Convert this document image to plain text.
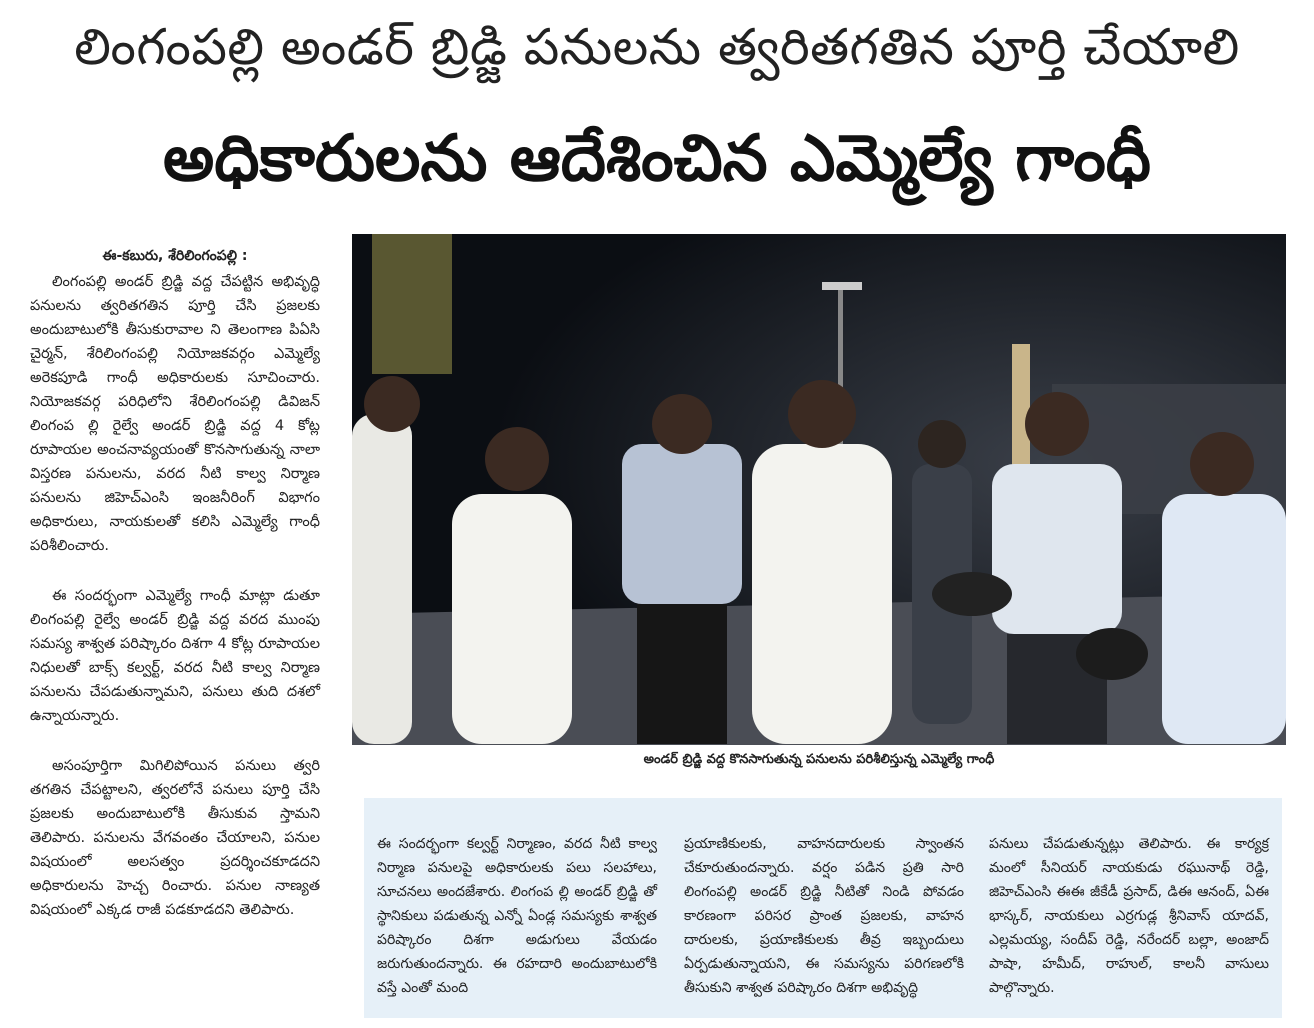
లింగంపల్లి అండర్ బ్రిడ్జి పనులను త్వరితగతిన పూర్తి చేయాలి
అధికారులను ఆదేశించిన ఎమ్మెల్యే గాంధీ
ఈ-కబురు, శేరిలింగంపల్లి :

లింగంపల్లి అండర్ బ్రిడ్జి వద్ద చేపట్టిన అభివృద్ధి పనులను త్వరితగతిన పూర్తి చేసి ప్రజలకు అందుబాటులోకి తీసుకురావాల ని తెలంగాణ పిఏసి చైర్మన్, శేరిలింగంపల్లి నియోజకవర్గం ఎమ్మెల్యే అరెకపూడి గాంధీ అధికారులకు సూచించారు. నియోజకవర్గ పరిధిలోని శేరిలింగంపల్లి డివిజన్ లింగంప ల్లి రైల్వే అండర్ బ్రిడ్జి వద్ద 4 కోట్ల రూపాయల అంచనావ్యయంతో కొనసాగుతున్న నాలా విస్తరణ పనులను, వరద నీటి కాల్వ నిర్మాణ పనులను జిహెచ్ఎంసి ఇంజనీరింగ్ విభాగం అధికారులు, నాయకులతో కలిసి ఎమ్మెల్యే గాంధీ పరిశీలించారు.

ఈ సందర్భంగా ఎమ్మెల్యే గాంధీ మాట్లా డుతూ లింగంపల్లి రైల్వే అండర్ బ్రిడ్జి వద్ద వరద ముంపు సమస్య శాశ్వత పరిష్కారం దిశగా 4 కోట్ల రూపాయల నిధులతో బాక్స్ కల్వర్ట్, వరద నీటి కాల్వ నిర్మాణ పనులను చేపడుతున్నామని, పనులు తుది దశలో ఉన్నాయన్నారు.

అసంపూర్తిగా మిగిలిపోయిన పనులు త్వరి తగతిన చేపట్టాలని, త్వరలోనే పనులు పూర్తి చేసి ప్రజలకు అందుబాటులోకి తీసుకువ స్తామని తెలిపారు. పనులను వేగవంతం చేయాలని, పనుల విషయంలో అలసత్వం ప్రదర్శించకూడదని అధికారులను హెచ్చ రించారు. పనుల నాణ్యత విషయంలో ఎక్కడ రాజీ పడకూడదని తెలిపారు.

అండర్ బ్రిడ్జి వద్ద కొనసాగుతున్న పనులను పరిశీలిస్తున్న ఎమ్మెల్యే గాంధీ
ఈ సందర్భంగా కల్వర్ట్ నిర్మాణం, వరద నీటి కాల్వ నిర్మాణ పనులపై అధికారులకు పలు సలహాలు, సూచనలు అందజేశారు. లింగంప ల్లి అండర్ బ్రిడ్జి తో స్థానికులు పడుతున్న ఎన్నో ఏండ్ల సమస్యకు శాశ్వత పరిష్కారం దిశగా అడుగులు వేయడం జరుగుతుందన్నారు. ఈ రహదారి అందుబాటులోకి వస్తే ఎంతో మంది
ప్రయాణికులకు, వాహనదారులకు స్వాంతన చేకూరుతుందన్నారు. వర్షం పడిన ప్రతి సారి లింగంపల్లి అండర్ బ్రిడ్జి నీటితో నిండి పోవడం కారణంగా పరిసర ప్రాంత ప్రజలకు, వాహన దారులకు, ప్రయాణికులకు తీవ్ర ఇబ్బందులు ఏర్పడుతున్నాయని, ఈ సమస్యను పరిగణలోకి తీసుకుని శాశ్వత పరిష్కారం దిశగా అభివృద్ధి
పనులు చేపడుతున్నట్లు తెలిపారు. ఈ కార్యక్ర మంలో సీనియర్ నాయకుడు రఘునాథ్ రెడ్డి, జిహెచ్ఎంసి ఈఈ జీకేడీ ప్రసాద్, డిఈ ఆనంద్, ఏఈ భాస్కర్, నాయకులు ఎర్రగుడ్ల శ్రీనివాస్ యాదవ్, ఎల్లమయ్య, సందీప్ రెడ్డి, నరేందర్ బల్లా, అంజాద్ పాషా, హమీద్, రాహుల్, కాలనీ వాసులు పాల్గొన్నారు.
